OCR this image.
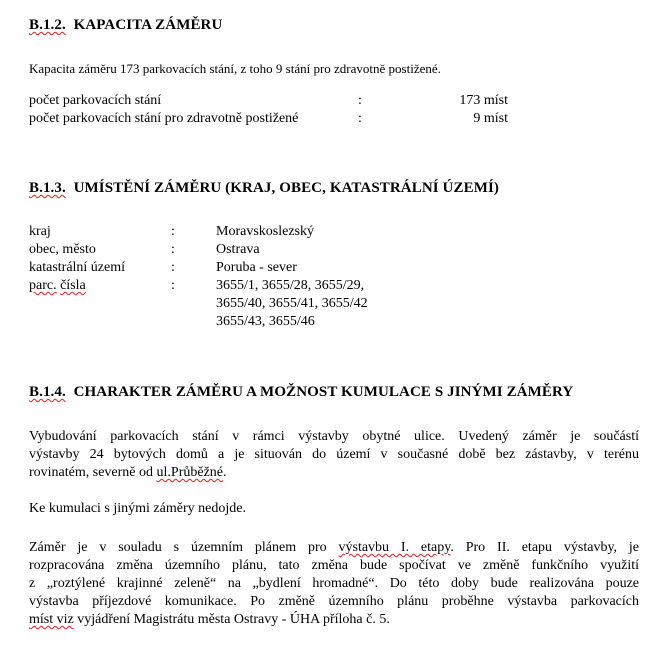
B.1.2. KAPACITA ZÁMĚRU
Kapacita záměru 173 parkovacích stání, z toho 9 stání pro zdravotně postižené.
počet parkovacích stání	:	173 míst
počet parkovacích stání pro zdravotně postižené	:	9 míst
B.1.3. UMÍSTĚNÍ ZÁMĚRU (KRAJ, OBEC, KATASTRÁLNÍ ÚZEMÍ)
kraj	:	Moravskoslezský
obec, město	:	Ostrava
katastrální území	:	Poruba - sever
parc. čísla	:	3655/1, 3655/28, 3655/29,
3655/40, 3655/41, 3655/42
3655/43, 3655/46
B.1.4. CHARAKTER ZÁMĚRU A MOŽNOST KUMULACE S JINÝMI ZÁMĚRY
Vybudování parkovacích stání v rámci výstavby obytné ulice. Uvedený záměr je součástí
výstavby 24 bytových domů a je situován do území v současné době bez zástavby, v terénu
rovinatém, severně od ul.Průběžné.
Ke kumulaci s jinými záměry nedojde.
Záměr je v souladu s územním plánem pro výstavbu I. etapy. Pro II. etapu výstavby, je
rozpracována změna územního plánu, tato změna bude spočívat ve změně funkčního využití
z „roztýlené krajinné zeleně“ na „bydlení hromadné“. Do této doby bude realizována pouze
výstavba příjezdové komunikace. Po změně územního plánu proběhne výstavba parkovacích
míst viz vyjádření Magistrátu města Ostravy - ÚHA příloha č. 5.
